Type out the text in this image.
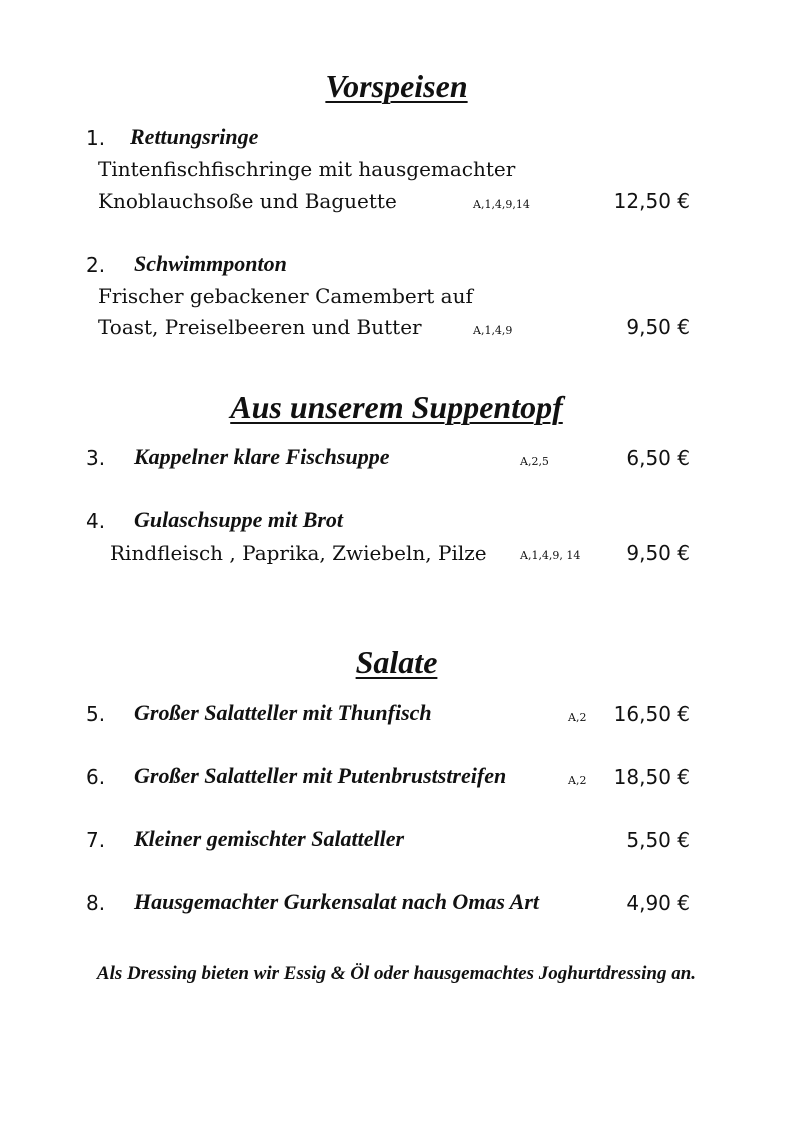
Vorspeisen
1. Rettungsringe
Tintenfischfischringe mit hausgemachter
Knoblauchsoße und Baguette	A,1,4,9,14	12,50 €
2. Schwimmponton
Frischer gebackener Camembert auf
Toast, Preiselbeeren und Butter	A,1,4,9	9,50 €
Aus unserem Suppentopf
3. Kappelner klare Fischsuppe	A,2,5	6,50 €
4. Gulaschsuppe mit Brot
Rindfleisch , Paprika, Zwiebeln, Pilze	A,1,4,9, 14 9,50 €
Salate
5. Großer Salatteller mit Thunfisch	A,2 16,50 €
6. Großer Salatteller mit Putenbruststreifen	A,2 18,50 €
7. Kleiner gemischter Salatteller	5,50 €
8. Hausgemachter Gurkensalat nach Omas Art	4,90 €
Als Dressing bieten wir Essig & Öl oder hausgemachtes Joghurtdressing an.
